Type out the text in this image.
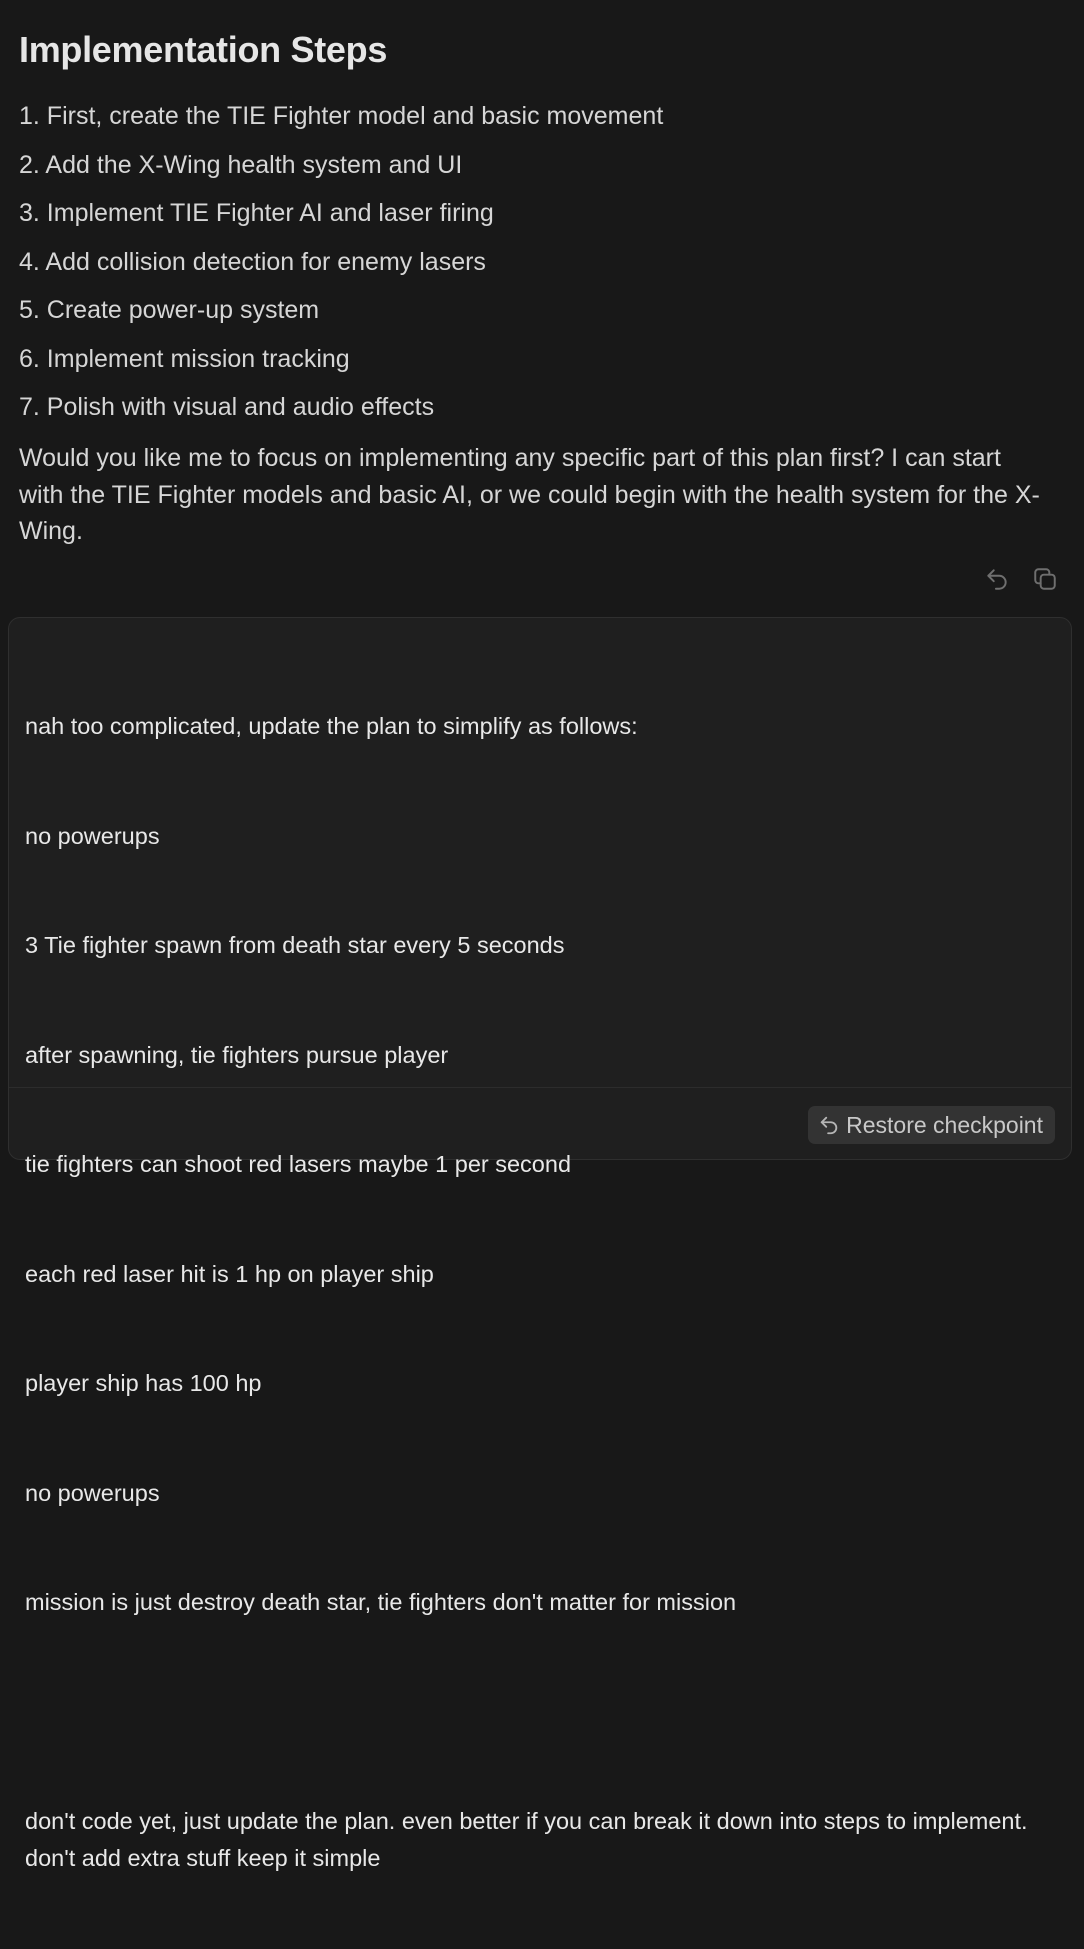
Implementation Steps
1. First, create the TIE Fighter model and basic movement
2. Add the X-Wing health system and UI
3. Implement TIE Fighter AI and laser firing
4. Add collision detection for enemy lasers
5. Create power-up system
6. Implement mission tracking
7. Polish with visual and audio effects

Would you like me to focus on implementing any specific part of this plan first? I can start with the TIE Fighter models and basic AI, or we could begin with the health system for the X-Wing.

nah too complicated, update the plan to simplify as follows:

no powerups

3 Tie fighter spawn from death star every 5 seconds

after spawning, tie fighters pursue player

tie fighters can shoot red lasers maybe 1 per second

each red laser hit is 1 hp on player ship

player ship has 100 hp

no powerups

mission is just destroy death star, tie fighters don't matter for mission

don't code yet, just update the plan. even better if you can break it down into steps to implement. don't add extra stuff keep it simple

Restore checkpoint
